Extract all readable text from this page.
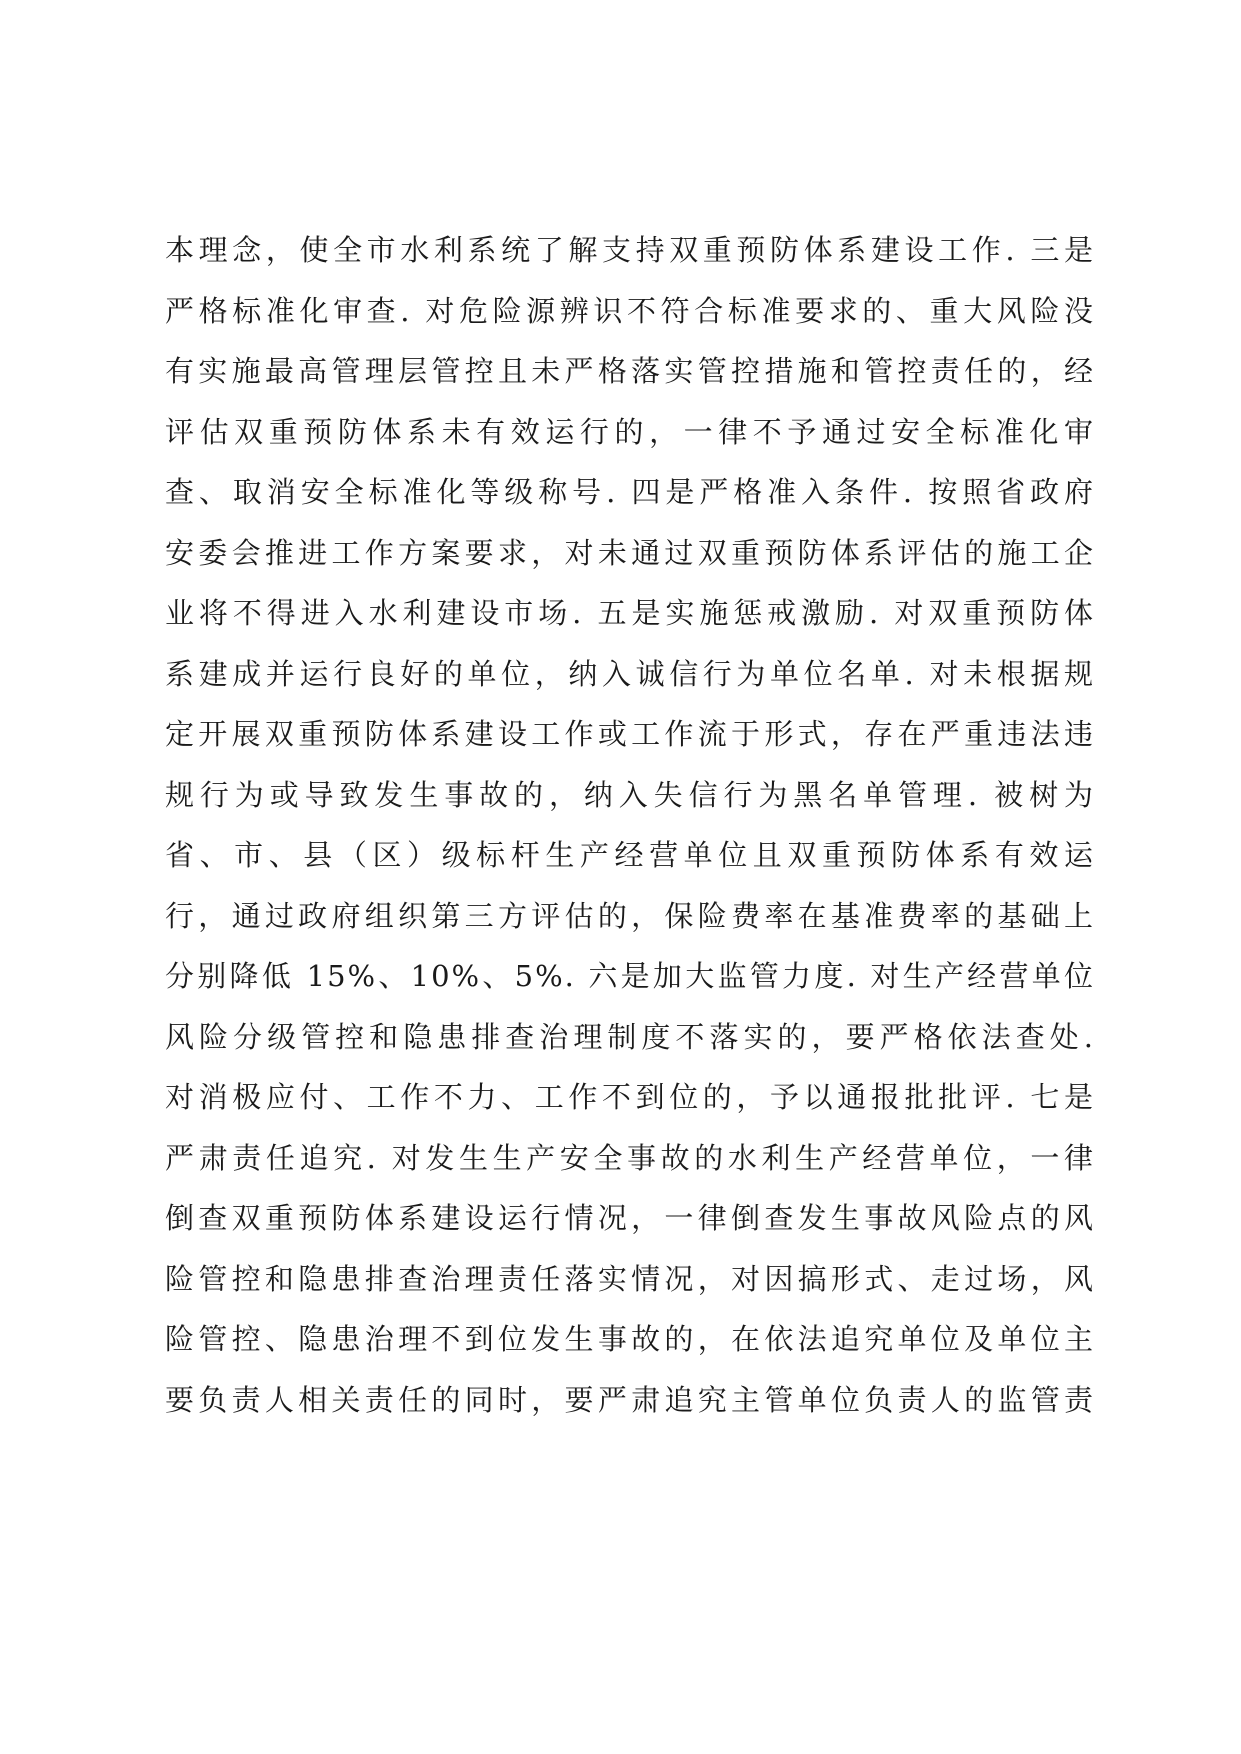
本理念，使全市水利系统了解支持双重预防体系建设工作. 三是
严格标准化审查. 对危险源辨识不符合标准要求的、重大风险没
有实施最高管理层管控且未严格落实管控措施和管控责任的，经
评估双重预防体系未有效运行的，一律不予通过安全标准化审
查、取消安全标准化等级称号. 四是严格准入条件. 按照省政府
安委会推进工作方案要求，对未通过双重预防体系评估的施工企
业将不得进入水利建设市场. 五是实施惩戒激励. 对双重预防体
系建成并运行良好的单位，纳入诚信行为单位名单. 对未根据规
定开展双重预防体系建设工作或工作流于形式，存在严重违法违
规行为或导致发生事故的，纳入失信行为黑名单管理. 被树为
省、市、县（区）级标杆生产经营单位且双重预防体系有效运
行，通过政府组织第三方评估的，保险费率在基准费率的基础上
分别降低 15%、10%、5%. 六是加大监管力度. 对生产经营单位
风险分级管控和隐患排查治理制度不落实的，要严格依法查处.
对消极应付、工作不力、工作不到位的，予以通报批批评. 七是
严肃责任追究. 对发生生产安全事故的水利生产经营单位，一律
倒查双重预防体系建设运行情况，一律倒查发生事故风险点的风
险管控和隐患排查治理责任落实情况，对因搞形式、走过场，风
险管控、隐患治理不到位发生事故的，在依法追究单位及单位主
要负责人相关责任的同时，要严肃追究主管单位负责人的监管责
